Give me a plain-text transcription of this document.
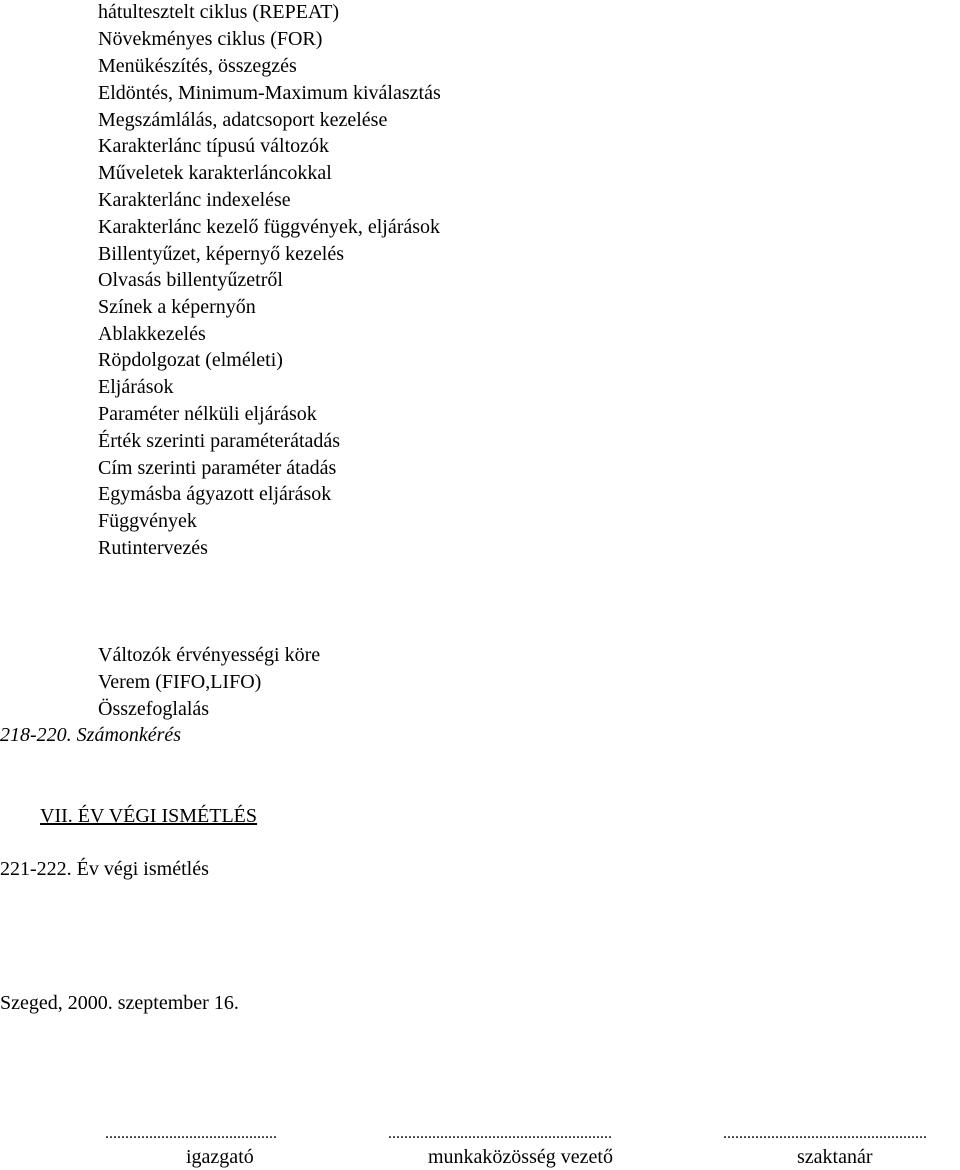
hátultesztelt ciklus (REPEAT)

Növekményes ciklus (FOR)

Menükészítés, összegzés

Eldöntés, Minimum-Maximum kiválasztás

Megszámlálás, adatcsoport kezelése

Karakterlánc típusú változók

Műveletek karakterláncokkal

Karakterlánc indexelése

Karakterlánc kezelő függvények, eljárások

Billentyűzet, képernyő kezelés

Olvasás billentyűzetről

Színek a képernyőn

Ablakkezelés

Röpdolgozat (elméleti)

Eljárások

Paraméter nélküli eljárások

Érték szerinti paraméterátadás

Cím szerinti paraméter átadás

Egymásba ágyazott eljárások

Függvények

Rutintervezés

Változók érvényességi köre

Verem (FIFO,LIFO)

Összefoglalás

218-220. Számonkérés

VII. ÉV VÉGI ISMÉTLÉS

221-222. Év végi ismétlés

Szeged, 2000. szeptember 16.

...........................................	........................................................	...................................................
igazgató	munkaközösség vezető	szaktanár
